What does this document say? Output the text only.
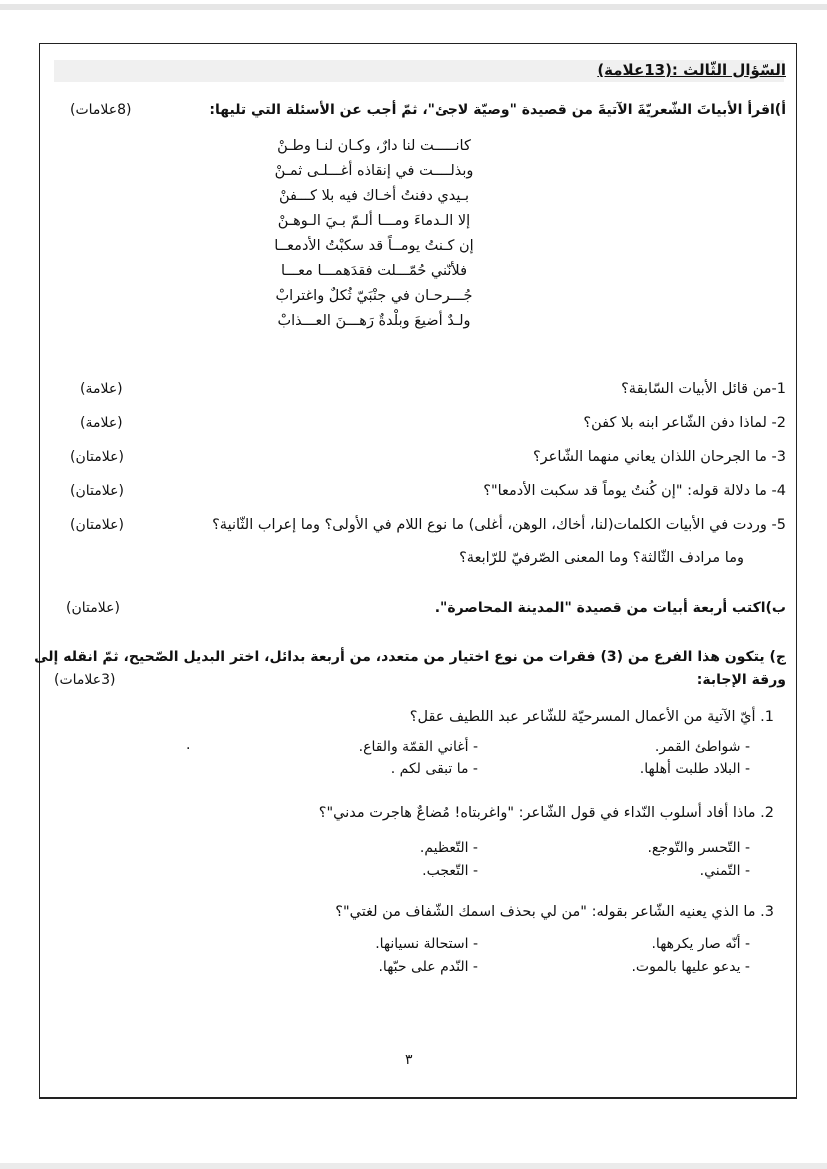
السّؤال الثّالث :(13علامة)
أ)اقرأ الأبياتَ الشّعريّةَ الآتيةَ من قصيدة "وصيّة لاجئ"، ثمّ أجب عن الأسئلة التي تليها:
(8علامات)
كانـــــت لنا دارٌ، وكـان لنـا وطـنْ
وبذلــــت في إنقاذه أغـــلـى ثمـنْ
بـيدي دفنتُ أخـاك فيه بلا كـــفنْ
إلا الـدماءَ ومـــا ألـمّ بـيَ الـوهـنْ
إن كـنتُ يومــاً قد سكبْتُ الأدمعــا
فلأنّني حُمّـــلت فقدَهمـــا معـــا
جُـــرحـان في جنْبَيّ ثُكلٌ واغترابْ
ولـدٌ أضيعَ وبلْدةٌ رَهـــنَ العـــذابْ
1-من قائل الأبيات السّابقة؟
(علامة)
2- لماذا دفن الشّاعر ابنه بلا كفن؟
(علامة)
3- ما الجرحان اللذان يعاني منهما الشّاعر؟
(علامتان)
4- ما دلالة قوله: "إن كُنتُ يوماً قد سكبت الأدمعا"؟
(علامتان)
5- وردت في الأبيات الكلمات(لنا، أخاك، الوهن، أغلى) ما نوع اللام في الأولى؟ وما إعراب الثّانية؟
(علامتان)
وما مرادف الثّالثة؟ وما المعنى الصّرفيّ للرّابعة؟
ب)اكتب أربعة أبيات من قصيدة "المدينة المحاصرة".
(علامتان)
ج) يتكون هذا الفرع من (3) فقرات من نوع اختيار من متعدد، من أربعة بدائل، اختر البديل الصّحيح، ثمّ انقله إلى
ورقة الإجابة:
(3علامات)
1. أيّ الآتية من الأعمال المسرحيّة للشّاعر عبد اللطيف عقل؟
- شواطئ القمر.
- أغاني القمّة والقاع.
- البلاد طلبت أهلها.
- ما تبقى لكم .
.
2. ماذا أفاد أسلوب النّداء في قول الشّاعر: "واغربتاه! مُضاعٌ هاجرت مدني"؟
- التّحسر والتّوجع.
- التّعظيم.
- التّمني.
- التّعجب.
3. ما الذي يعنيه الشّاعر بقوله: "من لي بحذف اسمك الشّفاف من لغتي"؟
- أنّه صار يكرهها.
- استحالة نسيانها.
- يدعو عليها بالموت.
- النّدم على حبّها.
٣
